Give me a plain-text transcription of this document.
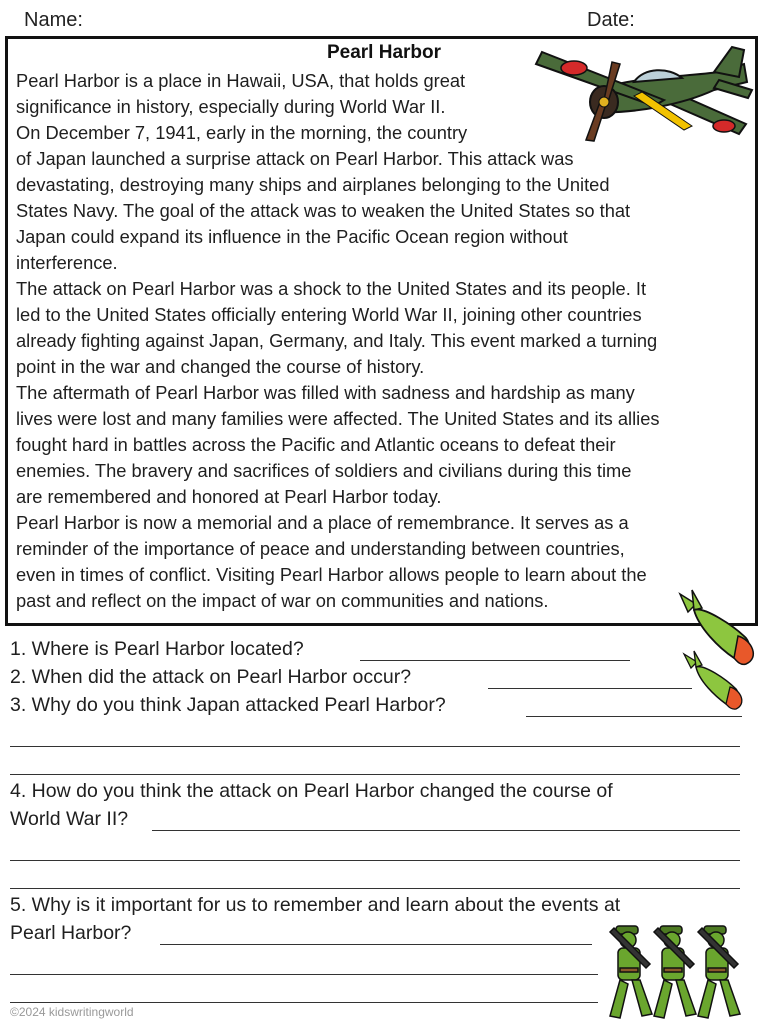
Name:	Date:
Pearl Harbor
Pearl Harbor is a place in Hawaii, USA, that holds great
significance in history, especially during World War II.
On December 7, 1941, early in the morning, the country
of Japan launched a surprise attack on Pearl Harbor. This attack was
devastating, destroying many ships and airplanes belonging to the United
States Navy. The goal of the attack was to weaken the United States so that
Japan could expand its influence in the Pacific Ocean region without
interference.
The attack on Pearl Harbor was a shock to the United States and its people. It
led to the United States officially entering World War II, joining other countries
already fighting against Japan, Germany, and Italy. This event marked a turning
point in the war and changed the course of history.
The aftermath of Pearl Harbor was filled with sadness and hardship as many
lives were lost and many families were affected. The United States and its allies
fought hard in battles across the Pacific and Atlantic oceans to defeat their
enemies. The bravery and sacrifices of soldiers and civilians during this time
are remembered and honored at Pearl Harbor today.
Pearl Harbor is now a memorial and a place of remembrance. It serves as a
reminder of the importance of peace and understanding between countries,
even in times of conflict. Visiting Pearl Harbor allows people to learn about the
past and reflect on the impact of war on communities and nations.
1. Where is Pearl Harbor located?
2. When did the attack on Pearl Harbor occur?
3. Why do you think Japan attacked Pearl Harbor?
4. How do you think the attack on Pearl Harbor changed the course of
World War II?
5. Why is it important for us to remember and learn about the events at
Pearl Harbor?
©2024 kidswritingworld
